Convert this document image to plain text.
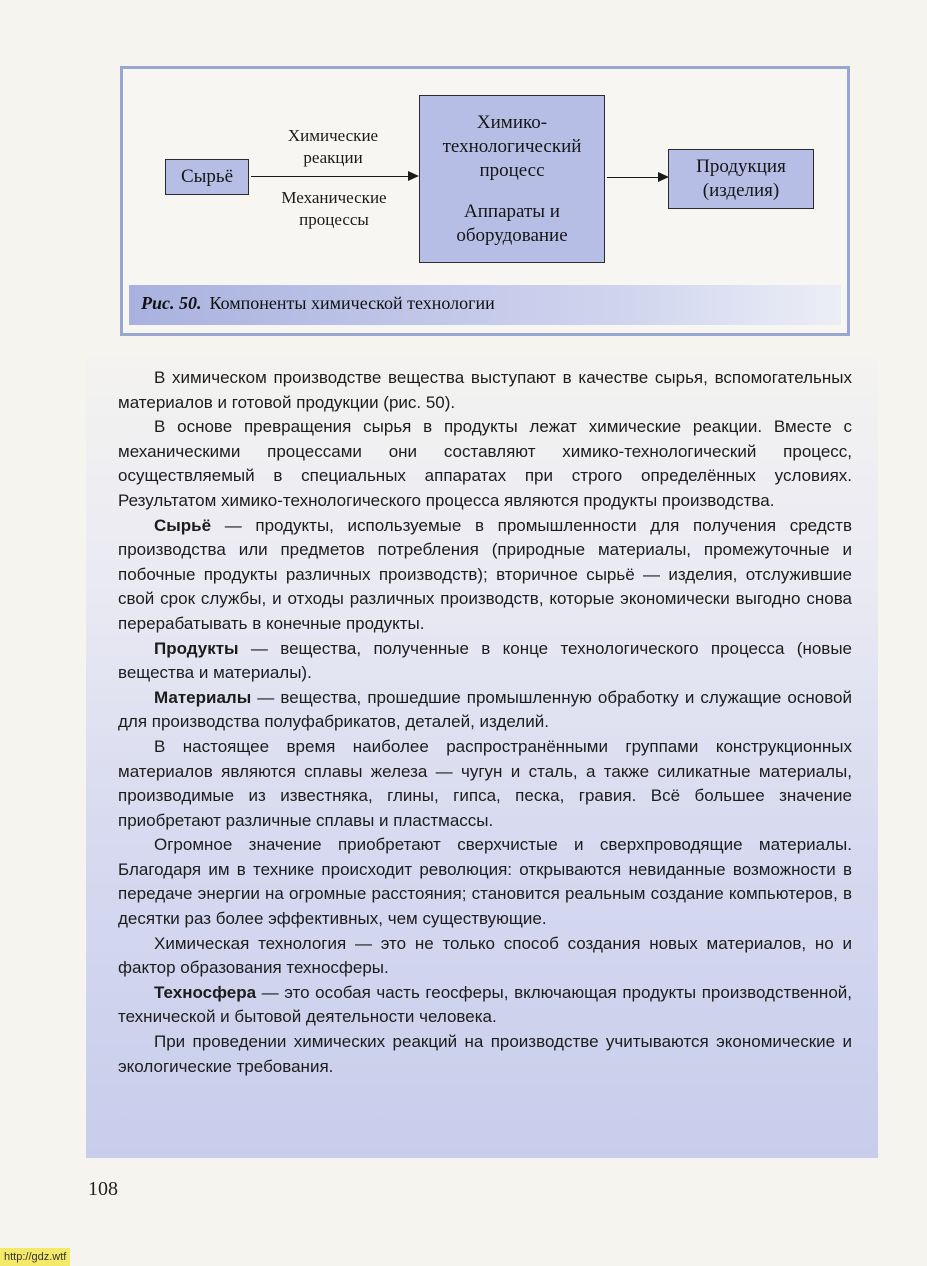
Сырьё
Химические реакции
Механические процессы
Химико-технологический процесс
Аппараты и оборудование
Продукция (изделия)
Рис. 50. Компоненты химической технологии

В химическом производстве вещества выступают в качестве сырья, вспомогательных материалов и готовой продукции (рис. 50).

В основе превращения сырья в продукты лежат химические реакции. Вместе с механическими процессами они составляют химико-технологический процесс, осуществляемый в специальных аппаратах при строго определённых условиях. Результатом химико-технологического процесса являются продукты производства.

Сырьё — продукты, используемые в промышленности для получения средств производства или предметов потребления (природные материалы, промежуточные и побочные продукты различных производств); вторичное сырьё — изделия, отслужившие свой срок службы, и отходы различных производств, которые экономически выгодно снова перерабатывать в конечные продукты.

Продукты — вещества, полученные в конце технологического процесса (новые вещества и материалы).

Материалы — вещества, прошедшие промышленную обработку и служащие основой для производства полуфабрикатов, деталей, изделий.

В настоящее время наиболее распространёнными группами конструкционных материалов являются сплавы железа — чугун и сталь, а также силикатные материалы, производимые из известняка, глины, гипса, песка, гравия. Всё большее значение приобретают различные сплавы и пластмассы.

Огромное значение приобретают сверхчистые и сверхпроводящие материалы. Благодаря им в технике происходит революция: открываются невиданные возможности в передаче энергии на огромные расстояния; становится реальным создание компьютеров, в десятки раз более эффективных, чем существующие.

Химическая технология — это не только способ создания новых материалов, но и фактор образования техносферы.

Техносфера — это особая часть геосферы, включающая продукты производственной, технической и бытовой деятельности человека.

При проведении химических реакций на производстве учитываются экономические и экологические требования.

108
http://gdz.wtf
